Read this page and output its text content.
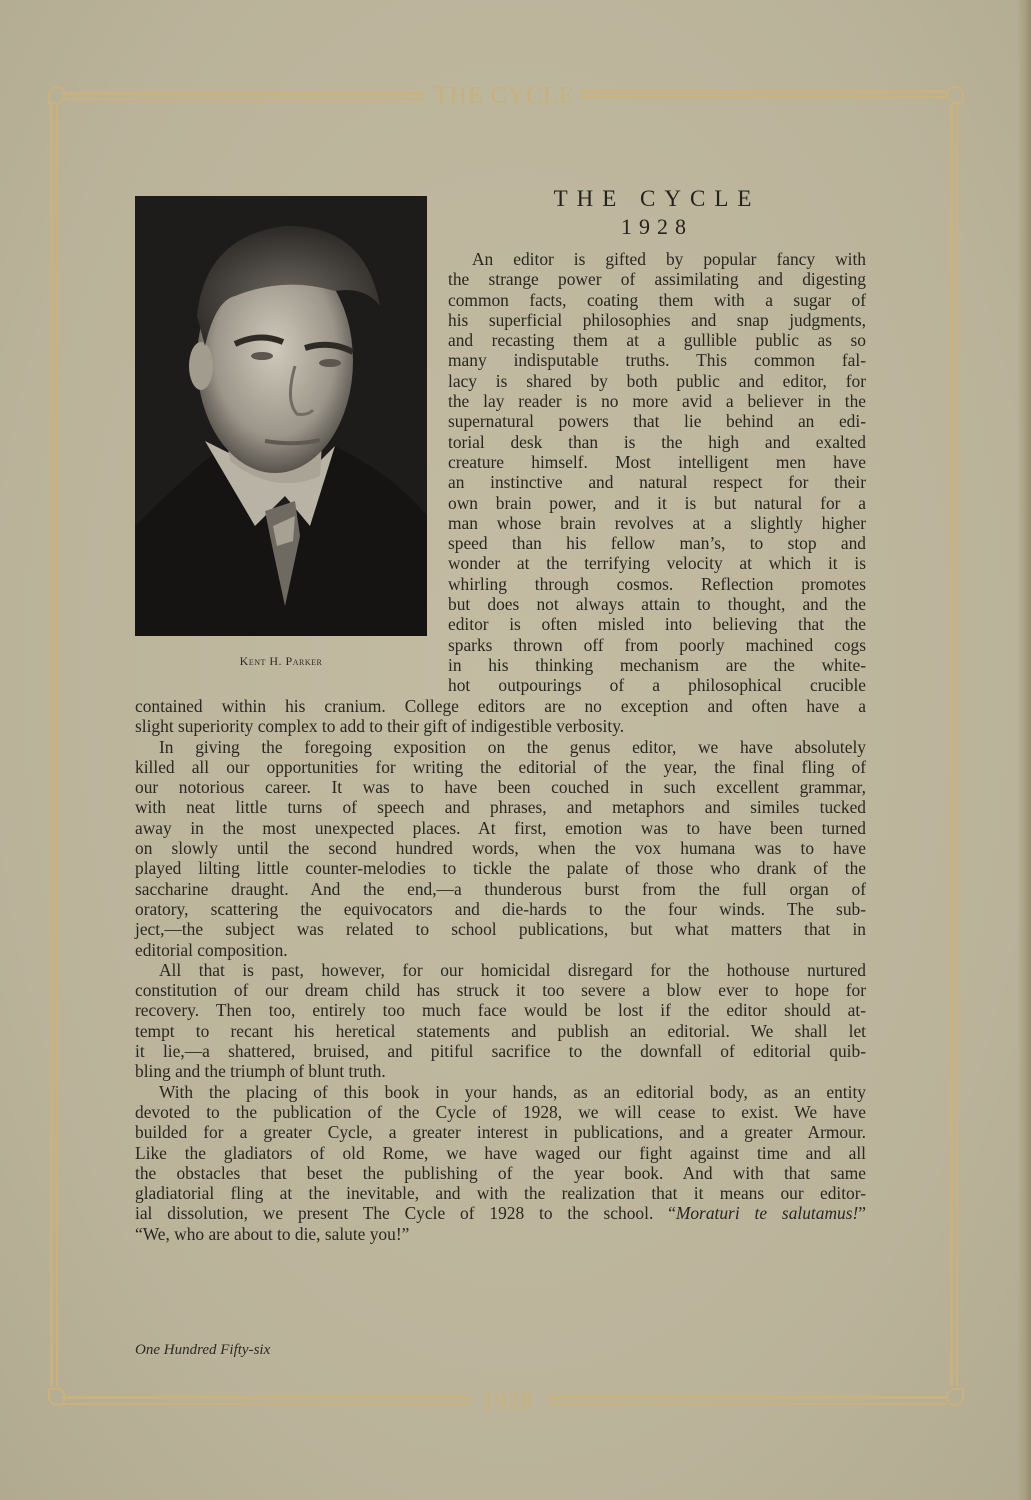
THE CYCLE
1928
Kent H. Parker
THE CYCLE
1928
An editor is gifted by popular fancy with
the strange power of assimilating and digesting
common facts, coating them with a sugar of
his superficial philosophies and snap judgments,
and recasting them at a gullible public as so
many indisputable truths. This common fal-
lacy is shared by both public and editor, for
the lay reader is no more avid a believer in the
supernatural powers that lie behind an edi-
torial desk than is the high and exalted
creature himself. Most intelligent men have
an instinctive and natural respect for their
own brain power, and it is but natural for a
man whose brain revolves at a slightly higher
speed than his fellow man’s, to stop and
wonder at the terrifying velocity at which it is
whirling through cosmos. Reflection promotes
but does not always attain to thought, and the
editor is often misled into believing that the
sparks thrown off from poorly machined cogs
in his thinking mechanism are the white-
hot outpourings of a philosophical crucible
contained within his cranium. College editors are no exception and often have a
slight superiority complex to add to their gift of indigestible verbosity.
In giving the foregoing exposition on the genus editor, we have absolutely
killed all our opportunities for writing the editorial of the year, the final fling of
our notorious career. It was to have been couched in such excellent grammar,
with neat little turns of speech and phrases, and metaphors and similes tucked
away in the most unexpected places. At first, emotion was to have been turned
on slowly until the second hundred words, when the vox humana was to have
played lilting little counter-melodies to tickle the palate of those who drank of the
saccharine draught. And the end,—a thunderous burst from the full organ of
oratory, scattering the equivocators and die-hards to the four winds. The sub-
ject,—the subject was related to school publications, but what matters that in
editorial composition.
All that is past, however, for our homicidal disregard for the hothouse nurtured
constitution of our dream child has struck it too severe a blow ever to hope for
recovery. Then too, entirely too much face would be lost if the editor should at-
tempt to recant his heretical statements and publish an editorial. We shall let
it lie,—a shattered, bruised, and pitiful sacrifice to the downfall of editorial quib-
bling and the triumph of blunt truth.
With the placing of this book in your hands, as an editorial body, as an entity
devoted to the publication of the Cycle of 1928, we will cease to exist. We have
builded for a greater Cycle, a greater interest in publications, and a greater Armour.
Like the gladiators of old Rome, we have waged our fight against time and all
the obstacles that beset the publishing of the year book. And with that same
gladiatorial fling at the inevitable, and with the realization that it means our editor-
ial dissolution, we present The Cycle of 1928 to the school. “Moraturi te salutamus!”
“We, who are about to die, salute you!”
One Hundred Fifty-six
